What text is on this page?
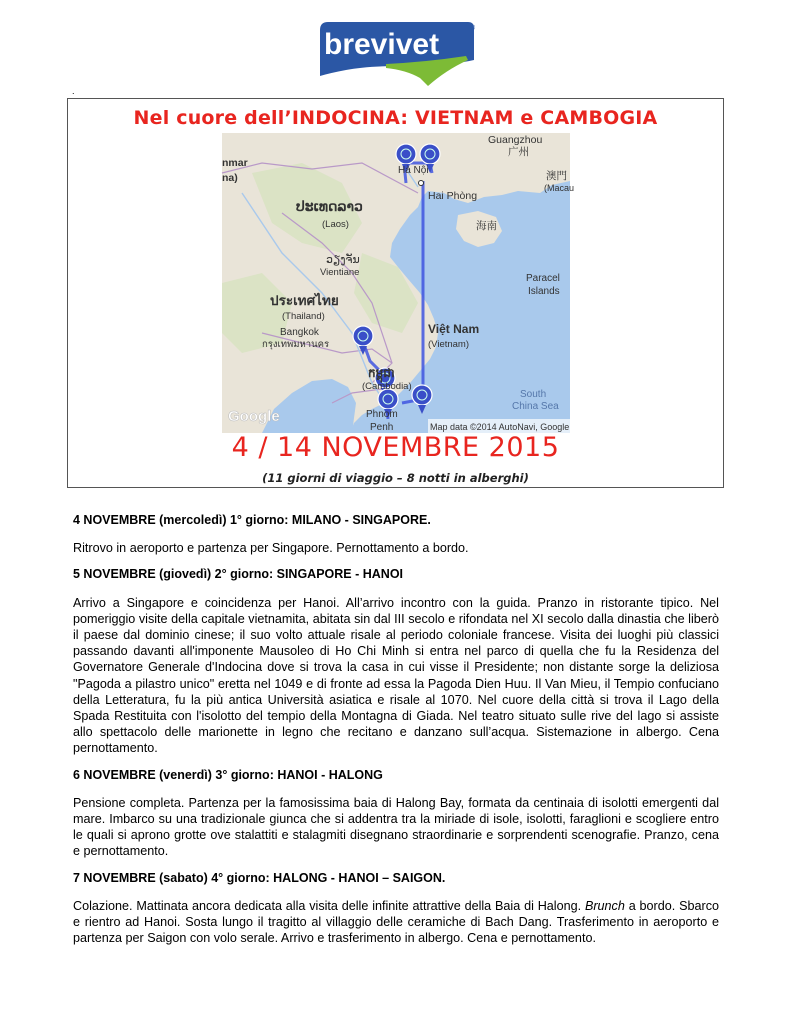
brevivet	®
.
Nel cuore dell’INDOCINA: VIETNAM e CAMBOGIA
nmar
na)
Guangzhou
广州
澳門
(Macau
Hà Nội
Hai Phòng
海南
ປະເທດລາວ
(Laos)
ວຽງຈັນ
Vientiane
Paracel
Islands
ประเทศไทย
(Thailand)
Bangkok
กรุงเทพมหานคร
Việt Nam
(Vietnam)
កម្ពុជា
(Cambodia)
Phnom
Penh
South
China Sea
Google
Map data ©2014 AutoNavi, Google
4 / 14 NOVEMBRE 2015
(11 giorni di viaggio – 8 notti in alberghi)
4 NOVEMBRE (mercoledì) 1° giorno: MILANO - SINGAPORE.
Ritrovo in aeroporto e partenza per Singapore. Pernottamento a bordo.
5 NOVEMBRE (giovedì) 2° giorno: SINGAPORE - HANOI
Arrivo a Singapore e coincidenza per Hanoi. All’arrivo incontro con la guida. Pranzo in ristorante tipico. Nel pomeriggio visite della capitale vietnamita, abitata sin dal III secolo e rifondata nel XI secolo dalla dinastia che liberò il paese dal dominio cinese; il suo volto attuale risale al periodo coloniale francese. Visita dei luoghi più classici passando davanti all'imponente Mausoleo di Ho Chi Minh si entra nel parco di quella che fu la Residenza del Governatore Generale d'Indocina dove si trova la casa in cui visse il Presidente; non distante sorge la deliziosa "Pagoda a pilastro unico" eretta nel 1049 e di fronte ad essa la Pagoda Dien Huu. Il Van Mieu, il Tempio confuciano della Letteratura, fu la più antica Università asiatica e risale al 1070. Nel cuore della città si trova il Lago della Spada Restituita con l'isolotto del tempio della Montagna di Giada. Nel teatro situato sulle rive del lago si assiste allo spettacolo delle marionette in legno che recitano e danzano sull’acqua. Sistemazione in albergo. Cena pernottamento.
6 NOVEMBRE (venerdì) 3° giorno: HANOI - HALONG
Pensione completa. Partenza per la famosissima baia di Halong Bay, formata da centinaia di isolotti emergenti dal mare. Imbarco su una tradizionale giunca che si addentra tra la miriade di isole, isolotti, faraglioni e scogliere entro le quali si aprono grotte ove stalattiti e stalagmiti disegnano straordinarie e sorprendenti scenografie. Pranzo, cena e pernottamento.
7 NOVEMBRE (sabato) 4° giorno: HALONG - HANOI – SAIGON.
Colazione. Mattinata ancora dedicata alla visita delle infinite attrattive della Baia di Halong. Brunch a bordo. Sbarco e rientro ad Hanoi. Sosta lungo il tragitto al villaggio delle ceramiche di Bach Dang. Trasferimento in aeroporto e partenza per Saigon con volo serale. Arrivo e trasferimento in albergo. Cena e pernottamento.
